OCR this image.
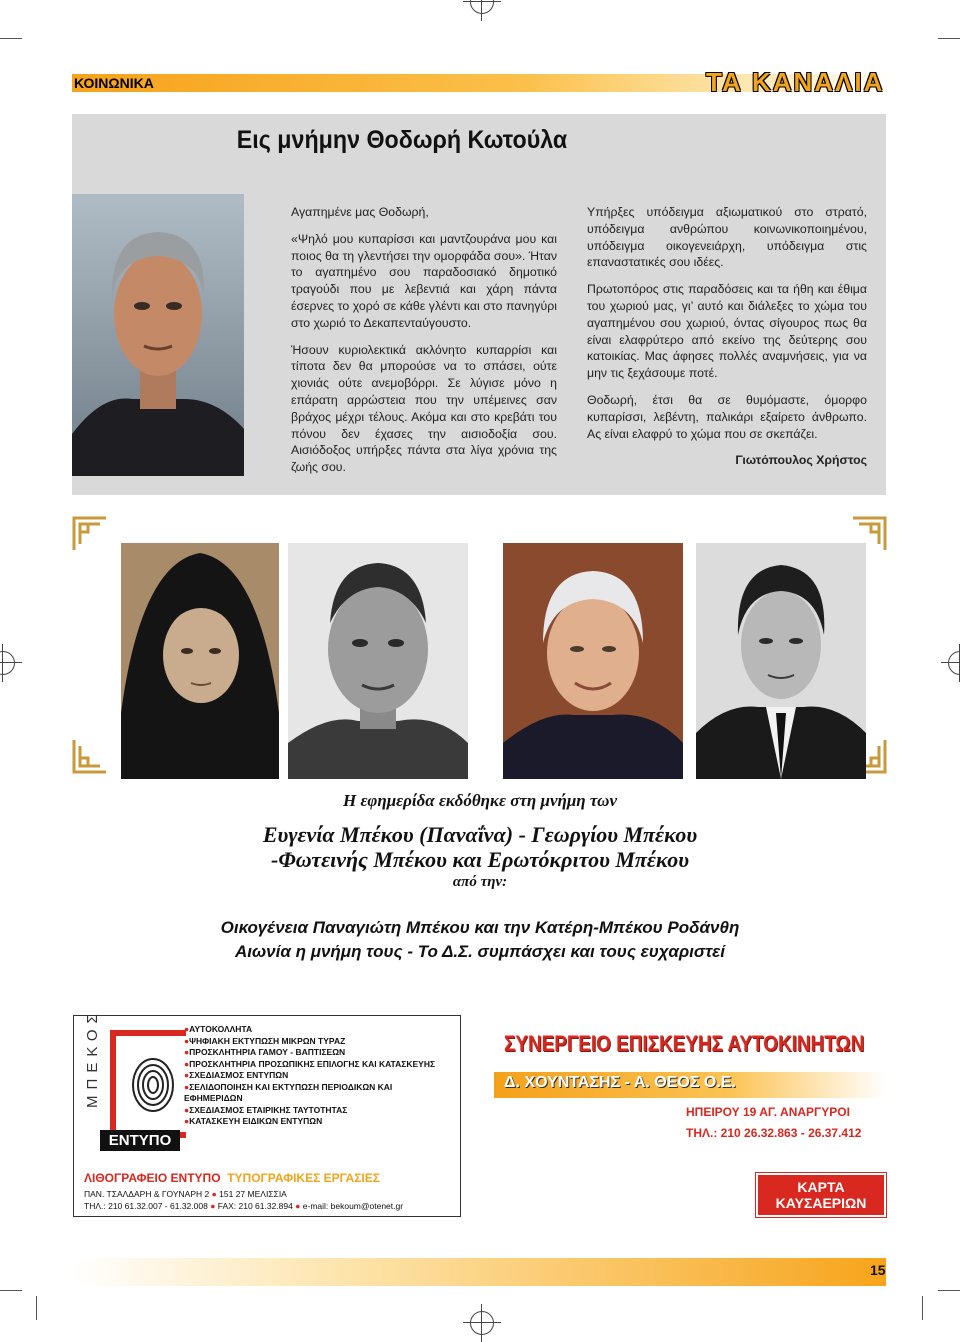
ΚΟΙΝΩΝΙΚΑ	ΤΑ ΚΑΝΑΛΙΑ
Εις μνήμην Θοδωρή Κωτούλα

Αγαπημένε μας Θοδωρή,

«Ψηλό μου κυπαρίσσι και μαντζουράνα μου και ποιος θα τη γλεντήσει την ομορφάδα σου». Ήταν το αγαπημένο σου παραδοσιακό δημοτικό τραγούδι που με λεβεντιά και χάρη πάντα έσερνες το χορό σε κάθε γλέντι και στο πανηγύρι στο χωριό το Δεκαπενταύγουστο.

Ήσουν κυριολεκτικά ακλόνητο κυπαρρίσι και τίποτα δεν θα μπορούσε να το σπάσει, ούτε χιονιάς ούτε ανεμοβόρρι. Σε λύγισε μόνο η επάρατη αρρώστεια που την υπέμεινες σαν βράχος μέχρι τέλους. Ακόμα και στο κρεβάτι του πόνου δεν έχασες την αισιοδοξία σου. Αισιόδοξος υπήρξες πάντα στα λίγα χρόνια της ζωής σου.

Υπήρξες υπόδειγμα αξιωματικού στο στρατό, υπόδειγμα ανθρώπου κοινωνικοποιημένου, υπόδειγμα οικογενειάρχη, υπόδειγμα στις επαναστατικές σου ιδέες.

Πρωτοπόρος στις παραδόσεις και τα ήθη και έθιμα του χωριού μας, γι’ αυτό και διάλεξες το χώμα του αγαπημένου σου χωριού, όντας σίγουρος πως θα είναι ελαφρύτερο από εκείνο της δεύτερης σου κατοικίας. Μας άφησες πολλές αναμνήσεις, για να μην τις ξεχάσουμε ποτέ.

Θοδωρή, έτσι θα σε θυμόμαστε, όμορφο κυπαρίσσι, λεβέντη, παλικάρι εξαίρετο άνθρωπο. Ας είναι ελαφρύ το χώμα που σε σκεπάζει.

Γιωτόπουλος Χρήστος

Η εφημερίδα εκδόθηκε στη μνήμη των
Ευγενία Μπέκου (Παναΐνα) - Γεωργίου Μπέκου
-Φωτεινής Μπέκου και Ερωτόκριτου Μπέκου
από την:
Οικογένεια Παναγιώτη Μπέκου και την Κατέρη-Μπέκου Ροδάνθη
Αιωνία η μνήμη τους - Το Δ.Σ. συμπάσχει και τους ευχαριστεί
ΜΠΕΚΟΣ
ΕΝΤΥΠΟ
●ΑΥΤΟΚΟΛΛΗΤΑ
●ΨΗΦΙΑΚΗ ΕΚΤΥΠΩΣΗ ΜΙΚΡΩΝ ΤΥΡΑΖ
●ΠΡΟΣΚΛΗΤΗΡΙΑ ΓΑΜΟΥ - ΒΑΠΤΙΣΕΩΝ
●ΠΡΟΣΚΛΗΤΗΡΙΑ ΠΡΟΣΩΠΙΚΗΣ ΕΠΙΛΟΓΗΣ ΚΑΙ ΚΑΤΑΣΚΕΥΗΣ
●ΣΧΕΔΙΑΣΜΟΣ ΕΝΤΥΠΩΝ
●ΣΕΛΙΔΟΠΟΙΗΣΗ ΚΑΙ ΕΚΤΥΠΩΣΗ ΠΕΡΙΟΔΙΚΩΝ ΚΑΙ ΕΦΗΜΕΡΙΔΩΝ
●ΣΧΕΔΙΑΣΜΟΣ ΕΤΑΙΡΙΚΗΣ ΤΑΥΤΟΤΗΤΑΣ
●ΚΑΤΑΣΚΕΥΗ ΕΙΔΙΚΩΝ ΕΝΤΥΠΩΝ
ΛΙΘΟΓΡΑΦΕΙΟ ΕΝΤΥΠΟ ΤΥΠΟΓΡΑΦΙΚΕΣ ΕΡΓΑΣΙΕΣ
ΠΑΝ. ΤΣΑΛΔΑΡΗ & ΓΟΥΝΑΡΗ 2 ● 151 27 ΜΕΛΙΣΣΙΑ
ΤΗΛ.: 210 61.32.007 - 61.32.008 ● FAX: 210 61.32.894 ● e-mail: bekoum@otenet.gr
ΣΥΝΕΡΓΕΙΟ ΕΠΙΣΚΕΥΗΣ ΑΥΤΟΚΙΝΗΤΩΝ
Δ. ΧΟΥΝΤΑΣΗΣ - Α. ΘΕΟΣ Ο.Ε.
ΗΠΕΙΡΟΥ 19 ΑΓ. ΑΝΑΡΓΥΡΟΙ
ΤΗΛ.: 210 26.32.863 - 26.37.412
ΚΑΡΤΑ ΚΑΥΣΑΕΡΙΩΝ
15
